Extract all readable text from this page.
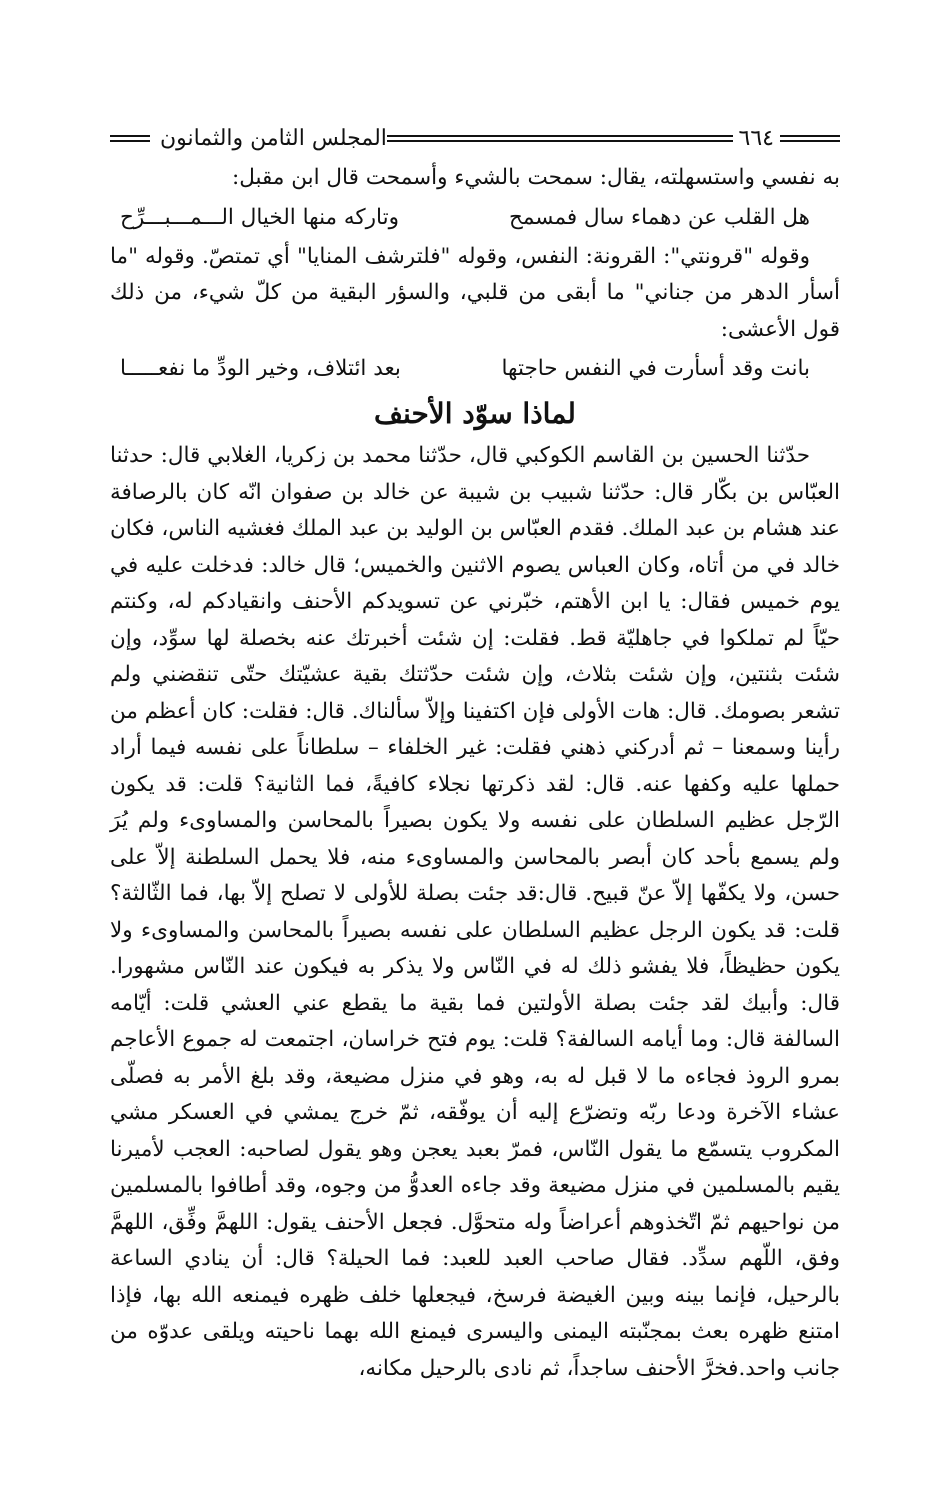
٦٦٤
المجلس الثامن والثمانون

به نفسي واستسهلته، يقال: سمحت بالشيء وأسمحت قال ابن مقبل:

هل القلب عن دهماء سال فمسمح
وتاركه منها الخيال الـــمـــبـــرِّح

وقوله "قرونتي": القرونة: النفس، وقوله "فلترشف المنايا" أي تمتصّ. وقوله "ما أسأر الدهر من جناني" ما أبقى من قلبي، والسؤر البقية من كلّ شيء، من ذلك قول الأعشى:

بانت وقد أسأرت في النفس حاجتها
بعد ائتلاف، وخير الودِّ ما نفعـــــا
لماذا سوّد الأحنف

حدّثنا الحسين بن القاسم الكوكبي قال، حدّثنا محمد بن زكريا، الغلابي قال: حدثنا العبّاس بن بكّار قال: حدّثنا شبيب بن شيبة عن خالد بن صفوان انّه كان بالرصافة عند هشام بن عبد الملك. فقدم العبّاس بن الوليد بن عبد الملك فغشيه الناس، فكان خالد في من أتاه، وكان العباس يصوم الاثنين والخميس؛ قال خالد: فدخلت عليه في يوم خميس فقال: يا ابن الأهتم، خبّرني عن تسويدكم الأحنف وانقيادكم له، وكنتم حيّاً لم تملكوا في جاهليّة قط. فقلت: إن شئت أخبرتك عنه بخصلة لها سوِّد، وإن شئت بثنتين، وإن شئت بثلاث، وإن شئت حدّثتك بقية عشيّتك حتّى تنقضني ولم تشعر بصومك. قال: هات الأولى فإن اكتفينا وإلاّ سألناك. قال: فقلت: كان أعظم من رأينا وسمعنا – ثم أدركني ذهني فقلت: غير الخلفاء – سلطاناً على نفسه فيما أراد حملها عليه وكفها عنه. قال: لقد ذكرتها نجلاء كافيةً، فما الثانية؟ قلت: قد يكون الرّجل عظيم السلطان على نفسه ولا يكون بصيراً بالمحاسن والمساوىء ولم يُرَ ولم يسمع بأحد كان أبصر بالمحاسن والمساوىء منه، فلا يحمل السلطنة إلاّ على حسن، ولا يكفّها إلاّ عنّ قبيح. قال:قد جئت بصلة للأولى لا تصلح إلاّ بها، فما الثّالثة؟ قلت: قد يكون الرجل عظيم السلطان على نفسه بصيراً بالمحاسن والمساوىء ولا يكون حظيظاً، فلا يفشو ذلك له في النّاس ولا يذكر به فيكون عند النّاس مشهورا. قال: وأبيك لقد جئت بصلة الأولتين فما بقية ما يقطع عني العشي قلت: أيّامه السالفة قال: وما أيامه السالفة؟ قلت: يوم فتح خراسان، اجتمعت له جموع الأعاجم بمرو الروذ فجاءه ما لا قبل له به، وهو في منزل مضيعة، وقد بلغ الأمر به فصلّى عشاء الآخرة ودعا ربّه وتضرّع إليه أن يوفّقه، ثمّ خرج يمشي في العسكر مشي المكروب يتسمّع ما يقول النّاس، فمرّ بعبد يعجن وهو يقول لصاحبه: العجب لأميرنا يقيم بالمسلمين في منزل مضيعة وقد جاءه العدوُّ من وجوه، وقد أطافوا بالمسلمين من نواحيهم ثمّ اتّخذوهم أعراضاً وله متحوَّل. فجعل الأحنف يقول: اللهمَّ وفِّق، اللهمَّ وفق، اللّهم سدِّد. فقال صاحب العبد للعبد: فما الحيلة؟ قال: أن ينادي الساعة بالرحيل، فإنما بينه وبين الغيضة فرسخ، فيجعلها خلف ظهره فيمنعه الله بها، فإذا امتنع ظهره بعث بمجنّبته اليمنى واليسرى فيمنع الله بهما ناحيته ويلقى عدوّه من جانب واحد.فخرَّ الأحنف ساجداً، ثم نادى بالرحيل مكانه،
